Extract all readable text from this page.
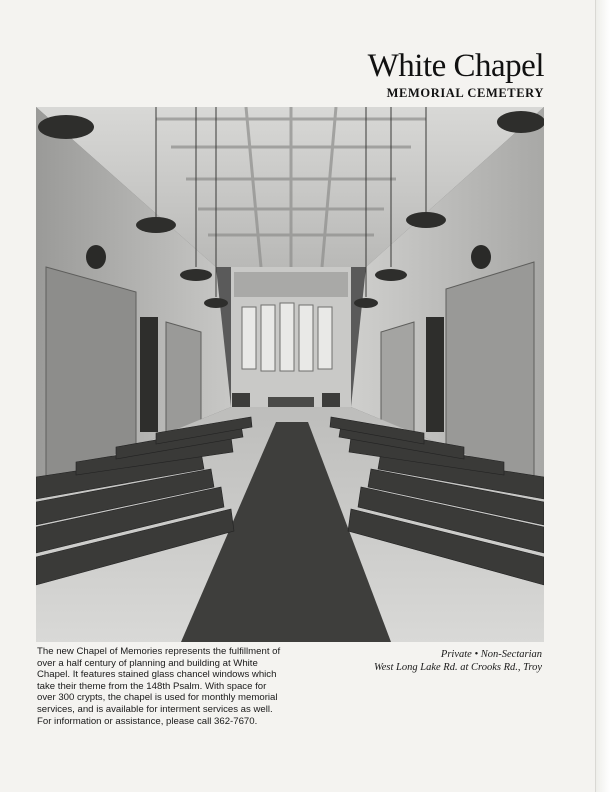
White Chapel
MEMORIAL CEMETERY
The new Chapel of Memories represents the fulfillment of over a half century of planning and building at White Chapel. It features stained glass chancel windows which take their theme from the 148th Psalm. With space for over 300 crypts, the chapel is used for monthly memorial services, and is available for interment services as well. For information or assistance, please call 362-7670.
Private • Non-Sectarian
West Long Lake Rd. at Crooks Rd., Troy
